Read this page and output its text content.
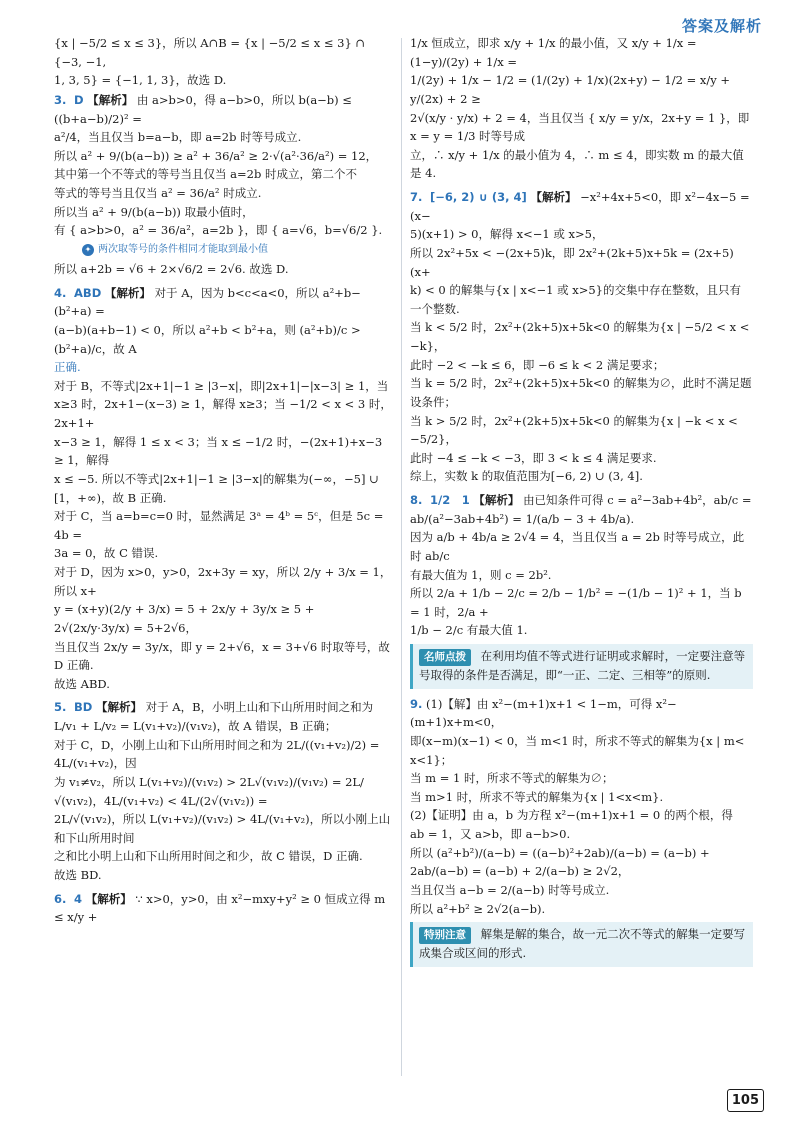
答案及解析

{x | −5/2 ≤ x ≤ 3}，所以 A∩B = {x | −5/2 ≤ x ≤ 3} ∩ {−3, −1,

1, 3, 5} = {−1, 1, 3}，故选 D.

3. D 【解析】 由 a>b>0，得 a−b>0，所以 b(a−b) ≤ ((b+a−b)/2)² =

a²/4，当且仅当 b=a−b，即 a=2b 时等号成立.

所以 a² + 9/(b(a−b)) ≥ a² + 36/a² ≥ 2·√(a²·36/a²) = 12，

其中第一个不等式的等号当且仅当 a=2b 时成立，第二个不

等式的等号当且仅当 a² = 36/a² 时成立.

所以当 a² + 9/(b(a−b)) 取最小值时，

有 { a>b>0，a² = 36/a²，a=2b }，即 { a=√6，b=√6/2 }.

✦ 两次取等号的条件相同才能取到最小值

所以 a+2b = √6 + 2×√6/2 = 2√6. 故选 D.

4. ABD 【解析】 对于 A，因为 b<c<a<0，所以 a²+b−(b²+a) =

(a−b)(a+b−1) < 0，所以 a²+b < b²+a，则 (a²+b)/c > (b²+a)/c，故 A

正确.

对于 B，不等式|2x+1|−1 ≥ |3−x|，即|2x+1|−|x−3| ≥ 1，当

x≥3 时，2x+1−(x−3) ≥ 1，解得 x≥3；当 −1/2 < x < 3 时，2x+1+

x−3 ≥ 1，解得 1 ≤ x < 3；当 x ≤ −1/2 时，−(2x+1)+x−3 ≥ 1，解得

x ≤ −5. 所以不等式|2x+1|−1 ≥ |3−x|的解集为(−∞，−5] ∪

[1，+∞)，故 B 正确.

对于 C，当 a=b=c=0 时，显然满足 3ᵃ = 4ᵇ = 5ᶜ，但是 5c = 4b =

3a = 0，故 C 错误.

对于 D，因为 x>0，y>0，2x+3y = xy，所以 2/y + 3/x = 1，所以 x+

y = (x+y)(2/y + 3/x) = 5 + 2x/y + 3y/x ≥ 5 + 2√(2x/y·3y/x) = 5+2√6，

当且仅当 2x/y = 3y/x，即 y = 2+√6，x = 3+√6 时取等号，故 D 正确.

故选 ABD.

5. BD 【解析】 对于 A，B，小明上山和下山所用时间之和为

L/v₁ + L/v₂ = L(v₁+v₂)/(v₁v₂)，故 A 错误，B 正确；

对于 C，D，小刚上山和下山所用时间之和为 2L/((v₁+v₂)/2) = 4L/(v₁+v₂)，因

为 v₁≠v₂，所以 L(v₁+v₂)/(v₁v₂) > 2L√(v₁v₂)/(v₁v₂) = 2L/√(v₁v₂)，4L/(v₁+v₂) < 4L/(2√(v₁v₂)) =

2L/√(v₁v₂)，所以 L(v₁+v₂)/(v₁v₂) > 4L/(v₁+v₂)，所以小刚上山和下山所用时间

之和比小明上山和下山所用时间之和少，故 C 错误，D 正确.

故选 BD.

6. 4 【解析】 ∵ x>0，y>0，由 x²−mxy+y² ≥ 0 恒成立得 m ≤ x/y +

1/x 恒成立，即求 x/y + 1/x 的最小值，又 x/y + 1/x = (1−y)/(2y) + 1/x =

1/(2y) + 1/x − 1/2 = (1/(2y) + 1/x)(2x+y) − 1/2 = x/y + y/(2x) + 2 ≥

2√(x/y · y/x) + 2 = 4，当且仅当 { x/y = y/x，2x+y = 1 }，即 x = y = 1/3 时等号成

立，∴ x/y + 1/x 的最小值为 4，∴ m ≤ 4，即实数 m 的最大值

是 4.

7. [−6, 2) ∪ (3, 4] 【解析】 −x²+4x+5<0，即 x²−4x−5 = (x−

5)(x+1) > 0，解得 x<−1 或 x>5，

所以 2x²+5x < −(2x+5)k，即 2x²+(2k+5)x+5k = (2x+5)(x+

k) < 0 的解集与{x | x<−1 或 x>5}的交集中存在整数，且只有

一个整数.

当 k < 5/2 时，2x²+(2k+5)x+5k<0 的解集为{x | −5/2 < x < −k}，

此时 −2 < −k ≤ 6，即 −6 ≤ k < 2 满足要求；

当 k = 5/2 时，2x²+(2k+5)x+5k<0 的解集为∅，此时不满足题

设条件；

当 k > 5/2 时，2x²+(2k+5)x+5k<0 的解集为{x | −k < x < −5/2}，

此时 −4 ≤ −k < −3，即 3 < k ≤ 4 满足要求.

综上，实数 k 的取值范围为[−6, 2) ∪ (3, 4].

8. 1/2　1 【解析】 由已知条件可得 c = a²−3ab+4b²，ab/c =

ab/(a²−3ab+4b²) = 1/(a/b − 3 + 4b/a).

因为 a/b + 4b/a ≥ 2√4 = 4，当且仅当 a = 2b 时等号成立，此时 ab/c

有最大值为 1，则 c = 2b².

所以 2/a + 1/b − 2/c = 2/b − 1/b² = −(1/b − 1)² + 1，当 b = 1 时，2/a +

1/b − 2/c 有最大值 1.

名师点拨 在利用均值不等式进行证明或求解时，一定要注意等号取得的条件是否满足，即“一正、二定、三相等”的原则.

9. (1)【解】由 x²−(m+1)x+1 < 1−m，可得 x²−(m+1)x+m<0，

即(x−m)(x−1) < 0，当 m<1 时，所求不等式的解集为{x | m<

x<1}；

当 m = 1 时，所求不等式的解集为∅；

当 m>1 时，所求不等式的解集为{x | 1<x<m}.

(2)【证明】由 a，b 为方程 x²−(m+1)x+1 = 0 的两个根，得

ab = 1，又 a>b，即 a−b>0.

所以 (a²+b²)/(a−b) = ((a−b)²+2ab)/(a−b) = (a−b) + 2ab/(a−b) = (a−b) + 2/(a−b) ≥ 2√2，

当且仅当 a−b = 2/(a−b) 时等号成立.

所以 a²+b² ≥ 2√2(a−b).

特别注意 解集是解的集合，故一元二次不等式的解集一定要写成集合或区间的形式.
105
